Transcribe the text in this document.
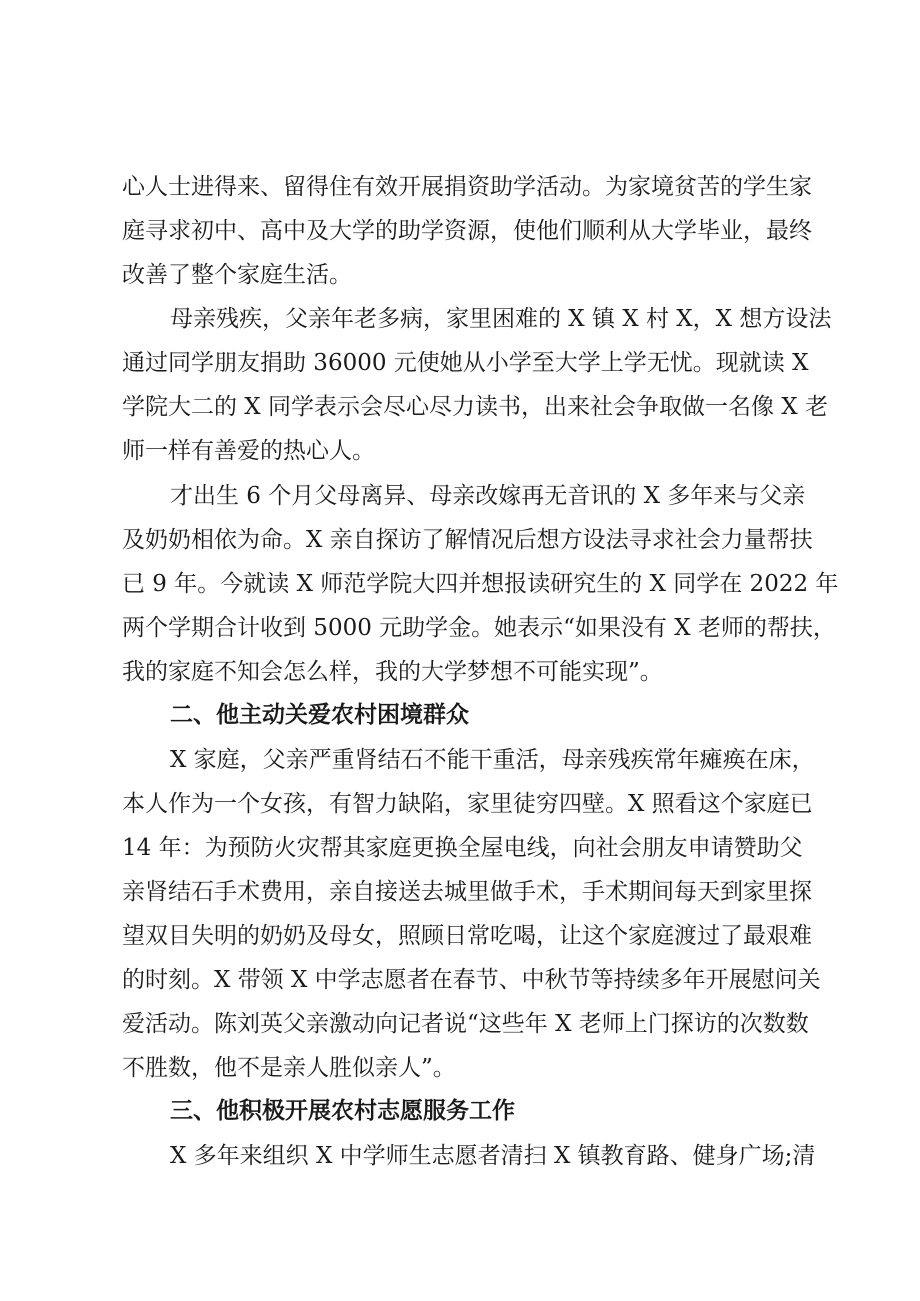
心人士进得来、留得住有效开展捐资助学活动。为家境贫苦的学生家
庭寻求初中、高中及大学的助学资源，使他们顺利从大学毕业，最终
改善了整个家庭生活。
母亲残疾，父亲年老多病，家里困难的 X 镇 X 村 X，X 想方设法
通过同学朋友捐助 36000 元使她从小学至大学上学无忧。现就读 X
学院大二的 X 同学表示会尽心尽力读书，出来社会争取做一名像 X 老
师一样有善爱的热心人。
才出生 6 个月父母离异、母亲改嫁再无音讯的 X 多年来与父亲
及奶奶相依为命。X 亲自探访了解情况后想方设法寻求社会力量帮扶
已 9 年。今就读 X 师范学院大四并想报读研究生的 X 同学在 2022 年
两个学期合计收到 5000 元助学金。她表示“如果没有 X 老师的帮扶，
我的家庭不知会怎么样，我的大学梦想不可能实现”。
二、他主动关爱农村困境群众
X 家庭，父亲严重肾结石不能干重活，母亲残疾常年瘫痪在床，
本人作为一个女孩，有智力缺陷，家里徒穷四壁。X 照看这个家庭已
14 年：为预防火灾帮其家庭更换全屋电线，向社会朋友申请赞助父
亲肾结石手术费用，亲自接送去城里做手术，手术期间每天到家里探
望双目失明的奶奶及母女，照顾日常吃喝，让这个家庭渡过了最艰难
的时刻。X 带领 X 中学志愿者在春节、中秋节等持续多年开展慰问关
爱活动。陈刘英父亲激动向记者说“这些年 X 老师上门探访的次数数
不胜数，他不是亲人胜似亲人”。
三、他积极开展农村志愿服务工作
X 多年来组织 X 中学师生志愿者清扫 X 镇教育路、健身广场;清
